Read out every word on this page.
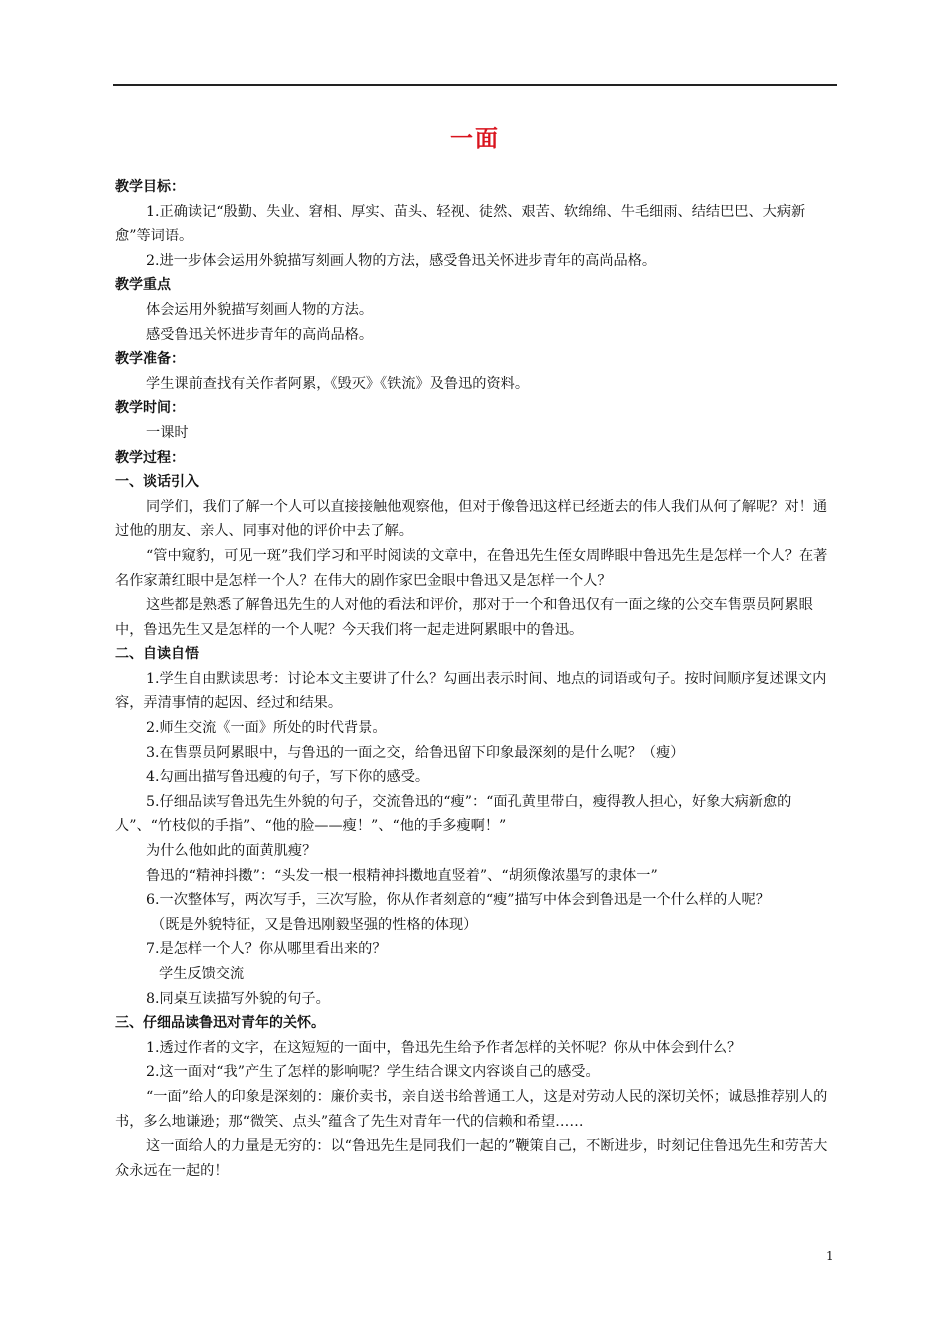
一面

教学目标：

1.正确读记“殷勤、失业、窘相、厚实、苗头、轻视、徒然、艰苦、软绵绵、牛毛细雨、结结巴巴、大病新愈”等词语。

2.进一步体会运用外貌描写刻画人物的方法，感受鲁迅关怀进步青年的高尚品格。

教学重点

体会运用外貌描写刻画人物的方法。

感受鲁迅关怀进步青年的高尚品格。

教学准备：

学生课前查找有关作者阿累，《毁灭》《铁流》及鲁迅的资料。

教学时间：

一课时

教学过程：

一、谈话引入

同学们，我们了解一个人可以直接接触他观察他，但对于像鲁迅这样已经逝去的伟人我们从何了解呢？对！通过他的朋友、亲人、同事对他的评价中去了解。

“管中窥豹，可见一斑”我们学习和平时阅读的文章中，在鲁迅先生侄女周晔眼中鲁迅先生是怎样一个人？在著名作家萧红眼中是怎样一个人？在伟大的剧作家巴金眼中鲁迅又是怎样一个人？

这些都是熟悉了解鲁迅先生的人对他的看法和评价，那对于一个和鲁迅仅有一面之缘的公交车售票员阿累眼中，鲁迅先生又是怎样的一个人呢？今天我们将一起走进阿累眼中的鲁迅。

二、自读自悟

1.学生自由默读思考：讨论本文主要讲了什么？勾画出表示时间、地点的词语或句子。按时间顺序复述课文内容，弄清事情的起因、经过和结果。

2.师生交流《一面》所处的时代背景。

3.在售票员阿累眼中，与鲁迅的一面之交，给鲁迅留下印象最深刻的是什么呢？（瘦）

4.勾画出描写鲁迅瘦的句子，写下你的感受。

5.仔细品读写鲁迅先生外貌的句子，交流鲁迅的“瘦”：“面孔黄里带白，瘦得教人担心，好象大病新愈的人”、“竹枝似的手指”、“他的脸——瘦！”、“他的手多瘦啊！”

为什么他如此的面黄肌瘦？

鲁迅的“精神抖擞”：“头发一根一根精神抖擞地直竖着”、“胡须像浓墨写的隶体一”

6.一次整体写，两次写手，三次写脸，你从作者刻意的“瘦”描写中体会到鲁迅是一个什么样的人呢？

（既是外貌特征，又是鲁迅刚毅坚强的性格的体现）

7.是怎样一个人？你从哪里看出来的？

学生反馈交流

8.同桌互读描写外貌的句子。

三、仔细品读鲁迅对青年的关怀。

1.透过作者的文字，在这短短的一面中，鲁迅先生给予作者怎样的关怀呢？你从中体会到什么？

2.这一面对“我”产生了怎样的影响呢？学生结合课文内容谈自己的感受。

“一面”给人的印象是深刻的：廉价卖书，亲自送书给普通工人，这是对劳动人民的深切关怀；诚恳推荐别人的书，多么地谦逊；那“微笑、点头”蕴含了先生对青年一代的信赖和希望……

这一面给人的力量是无穷的：以“鲁迅先生是同我们一起的”鞭策自己，不断进步，时刻记住鲁迅先生和劳苦大众永远在一起的！

1
